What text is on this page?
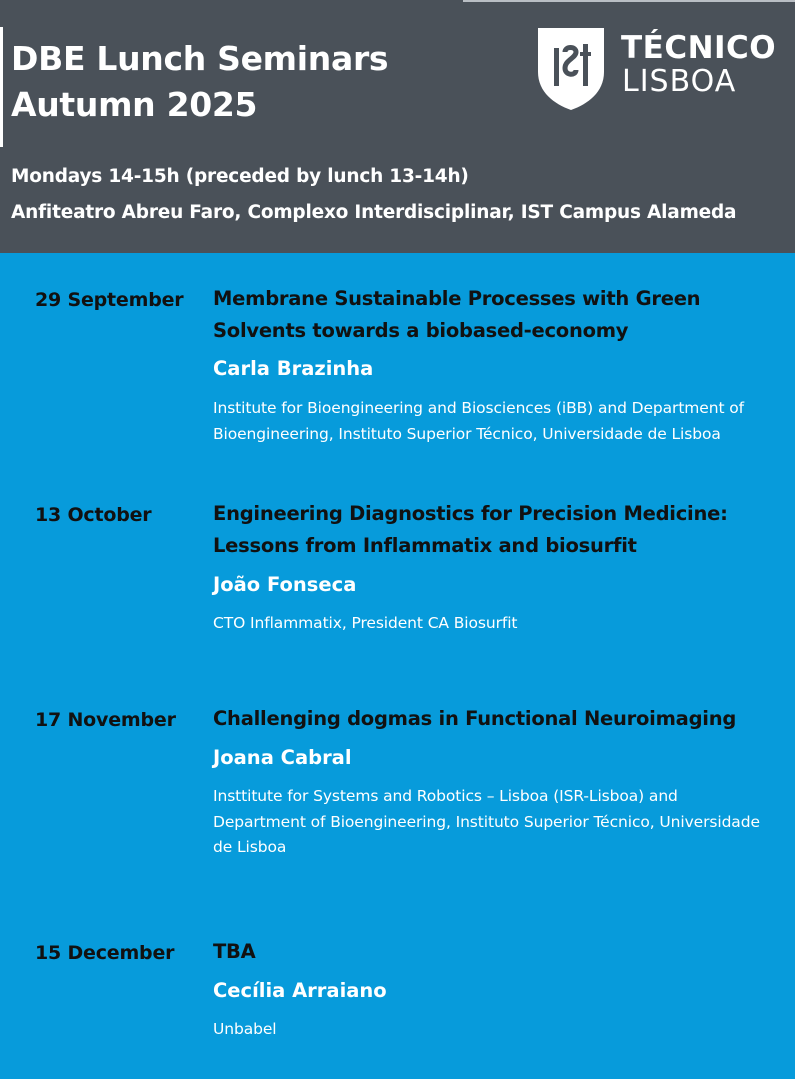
DBE Lunch Seminars
Autumn 2025
Mondays 14-15h (preceded by lunch 13-14h)
Anfiteatro Abreu Faro, Complexo Interdisciplinar, IST Campus Alameda
TÉCNICO
LISBOA
29 September Membrane Sustainable Processes with Green Solvents towards a biobased-economy
Carla Brazinha
Institute for Bioengineering and Biosciences (iBB) and Department of Bioengineering, Instituto Superior Técnico, Universidade de Lisboa
13 October	Engineering Diagnostics for Precision Medicine: Lessons from Inflammatix and biosurfit
João Fonseca
CTO Inflammatix, President CA Biosurfit
17 November Challenging dogmas in Functional Neuroimaging
Joana Cabral
Insttitute for Systems and Robotics – Lisboa (ISR-Lisboa) and Department of Bioengineering, Instituto Superior Técnico, Universidade de Lisboa
15 December TBA
Cecília Arraiano
Unbabel
